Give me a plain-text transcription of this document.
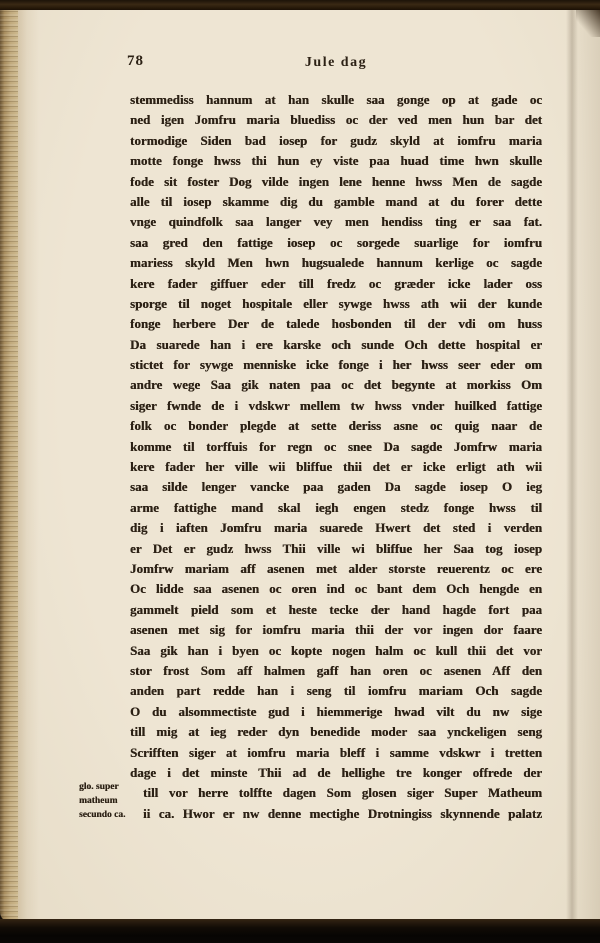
78	Jule dag
stemmediss hannum at han skulle saa gonge op at gade oc
ned igen Jomfru maria bluediss oc der ved men hun bar det
tormodige Siden bad iosep for gudz skyld at iomfru maria
motte fonge hwss thi hun ey viste paa huad time hwn skulle
fode sit foster Dog vilde ingen lene henne hwss Men de sagde
alle til iosep skamme dig du gamble mand at du forer dette
vnge quindfolk saa langer vey men hendiss ting er saa fat.
saa gred den fattige iosep oc sorgede suarlige for iomfru
mariess skyld Men hwn hugsualede hannum kerlige oc sagde
kere fader giffuer eder till fredz oc græder icke lader oss
sporge til noget hospitale eller sywge hwss ath wii der kunde
fonge herbere Der de talede hosbonden til der vdi om huss
Da suarede han i ere karske och sunde Och dette hospital er
stictet for sywge menniske icke fonge i her hwss seer eder om
andre wege Saa gik naten paa oc det begynte at morkiss Om
siger fwnde de i vdskwr mellem tw hwss vnder huilked fattige
folk oc bonder plegde at sette deriss asne oc quig naar de
komme til torffuis for regn oc snee Da sagde Jomfrw maria
kere fader her ville wii bliffue thii det er icke erligt ath wii
saa silde lenger vancke paa gaden Da sagde iosep O ieg
arme fattighe mand skal iegh engen stedz fonge hwss til
dig i iaften Jomfru maria suarede Hwert det sted i verden
er Det er gudz hwss Thii ville wi bliffue her Saa tog iosep
Jomfrw mariam aff asenen met alder storste reuerentz oc ere
Oc lidde saa asenen oc oren ind oc bant dem Och hengde en
gammelt pield som et heste tecke der hand hagde fort paa
asenen met sig for iomfru maria thii der vor ingen dor faare
Saa gik han i byen oc kopte nogen halm oc kull thii det vor
stor frost Som aff halmen gaff han oren oc asenen Aff den
anden part redde han i seng til iomfru mariam Och sagde
O du alsommectiste gud i hiemmerige hwad vilt du nw sige
till mig at ieg reder dyn benedide moder saa ynckeligen seng
Scrifften siger at iomfru maria bleff i samme vdskwr i tretten
dage i det minste Thii ad de hellighe tre konger offrede der
till vor herre tolffte dagen Som glosen siger Super Matheum
ii ca. Hwor er nw denne mectighe Drotningiss skynnende palatz
glo. super
matheum
secundo ca.
